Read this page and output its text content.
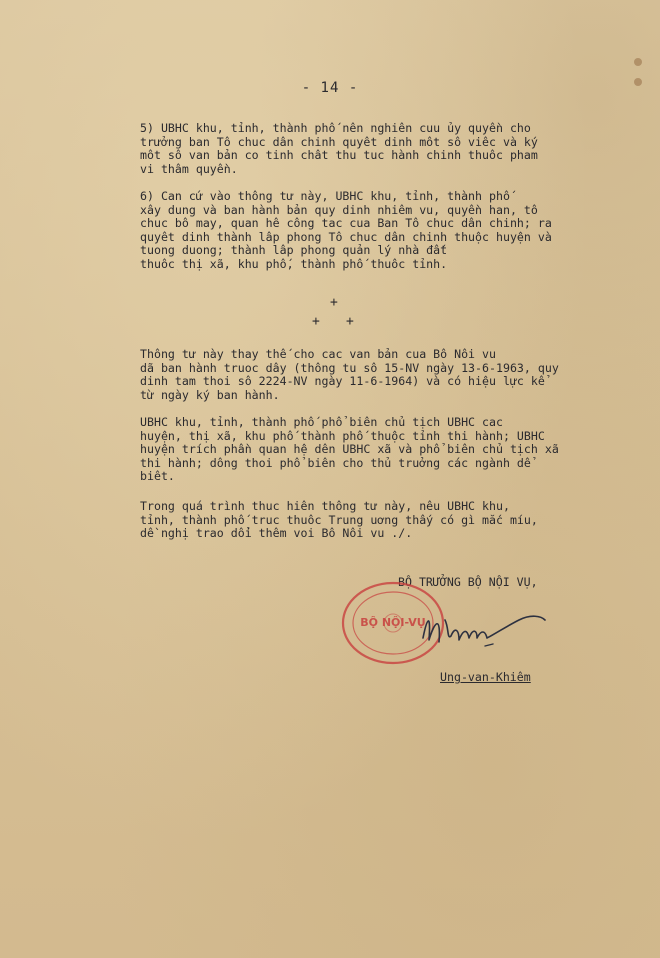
- 14 -

5) UBHC khu, tỉnh, thành phố nên nghiên cuu ủy quyền cho
trưởng ban Tô chuc dân chinh quyêt dinh môt sô viêc và ký
môt sô van bản co tinh chât thu tuc hành chinh thuôc pham
vi thâm quyền.

6) Can cứ vào thông tư này, UBHC khu, tỉnh, thành phố
xây dung và ban hành bản quy dinh nhiêm vu, quyền han, tô
chuc bô may, quan hê công tac cua Ban Tô chuc dân chinh; ra
quyêt dinh thành lâp phong Tô chuc dân chinh thuộc huyện và
tuong duong; thành lâp phong quản lý nhà đất
thuôc thị xã, khu phố, thành phố thuôc tỉnh.

+
+ +

Thông tư này thay thế cho cac van bản cua Bô Nôi vu
dã ban hành truoc dây (thông tu sô 15-NV ngày 13-6-1963, quy
dinh tam thoi sô 2224-NV ngày 11-6-1964) và có hiệu lực kể
từ ngày ký ban hành.

UBHC khu, tỉnh, thành phố phổ biên chủ tịch UBHC cac
huyện, thị xã, khu phố thành phố thuộc tỉnh thi hành; UBHC
huyện trích phần quan hệ dên UBHC xã và phổ biên chủ tịch xã
thi hành; dông thoi phổ biên cho thủ truởng các ngành dể
biêt.

Trong quá trình thuc hiên thông tư này, nêu UBHC khu,
tỉnh, thành phố truc thuôc Trung uơng thấy có gì mắc míu,
dề nghị trao dổi thêm voi Bô Nôi vu ./.

BỘ TRƯỞNG BỘ NỘI VỤ,
BỘ NỘI-VỤ
Ung-van-Khiêm
